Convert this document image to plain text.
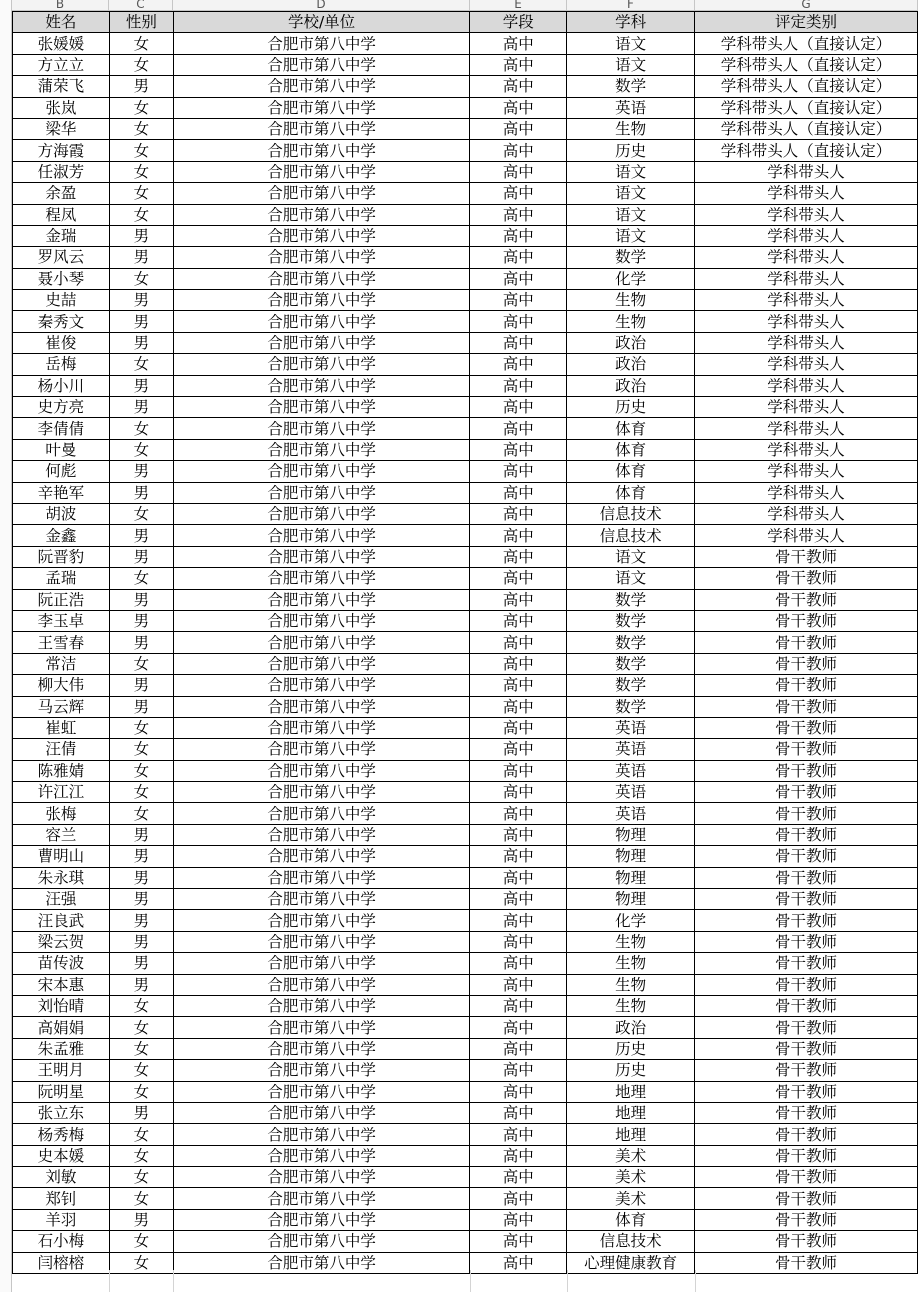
B	C	D	E	F	G
姓名	性别	学校/单位	学段	学科	评定类别
张媛媛	女	合肥市第八中学	高中	语文	学科带头人（直接认定）
方立立	女	合肥市第八中学	高中	语文	学科带头人（直接认定）
蒲荣飞	男	合肥市第八中学	高中	数学	学科带头人（直接认定）
张岚	女	合肥市第八中学	高中	英语	学科带头人（直接认定）
梁华	女	合肥市第八中学	高中	生物	学科带头人（直接认定）
方海霞	女	合肥市第八中学	高中	历史	学科带头人（直接认定）
任淑芳	女	合肥市第八中学	高中	语文	学科带头人
余盈	女	合肥市第八中学	高中	语文	学科带头人
程凤	女	合肥市第八中学	高中	语文	学科带头人
金瑞	男	合肥市第八中学	高中	语文	学科带头人
罗风云	男	合肥市第八中学	高中	数学	学科带头人
聂小琴	女	合肥市第八中学	高中	化学	学科带头人
史喆	男	合肥市第八中学	高中	生物	学科带头人
秦秀文	男	合肥市第八中学	高中	生物	学科带头人
崔俊	男	合肥市第八中学	高中	政治	学科带头人
岳梅	女	合肥市第八中学	高中	政治	学科带头人
杨小川	男	合肥市第八中学	高中	政治	学科带头人
史方亮	男	合肥市第八中学	高中	历史	学科带头人
李倩倩	女	合肥市第八中学	高中	体育	学科带头人
叶曼	女	合肥市第八中学	高中	体育	学科带头人
何彪	男	合肥市第八中学	高中	体育	学科带头人
辛艳军	男	合肥市第八中学	高中	体育	学科带头人
胡波	女	合肥市第八中学	高中	信息技术	学科带头人
金鑫	男	合肥市第八中学	高中	信息技术	学科带头人
阮晋豹	男	合肥市第八中学	高中	语文	骨干教师
孟瑞	女	合肥市第八中学	高中	语文	骨干教师
阮正浩	男	合肥市第八中学	高中	数学	骨干教师
李玉卓	男	合肥市第八中学	高中	数学	骨干教师
王雪春	男	合肥市第八中学	高中	数学	骨干教师
常洁	女	合肥市第八中学	高中	数学	骨干教师
柳大伟	男	合肥市第八中学	高中	数学	骨干教师
马云辉	男	合肥市第八中学	高中	数学	骨干教师
崔虹	女	合肥市第八中学	高中	英语	骨干教师
汪倩	女	合肥市第八中学	高中	英语	骨干教师
陈雅婧	女	合肥市第八中学	高中	英语	骨干教师
许江江	女	合肥市第八中学	高中	英语	骨干教师
张梅	女	合肥市第八中学	高中	英语	骨干教师
容兰	男	合肥市第八中学	高中	物理	骨干教师
曹明山	男	合肥市第八中学	高中	物理	骨干教师
朱永琪	男	合肥市第八中学	高中	物理	骨干教师
汪强	男	合肥市第八中学	高中	物理	骨干教师
汪良武	男	合肥市第八中学	高中	化学	骨干教师
梁云贺	男	合肥市第八中学	高中	生物	骨干教师
苗传波	男	合肥市第八中学	高中	生物	骨干教师
宋本惠	男	合肥市第八中学	高中	生物	骨干教师
刘怡晴	女	合肥市第八中学	高中	生物	骨干教师
高娟娟	女	合肥市第八中学	高中	政治	骨干教师
朱孟雅	女	合肥市第八中学	高中	历史	骨干教师
王明月	女	合肥市第八中学	高中	历史	骨干教师
阮明星	女	合肥市第八中学	高中	地理	骨干教师
张立东	男	合肥市第八中学	高中	地理	骨干教师
杨秀梅	女	合肥市第八中学	高中	地理	骨干教师
史本媛	女	合肥市第八中学	高中	美术	骨干教师
刘敏	女	合肥市第八中学	高中	美术	骨干教师
郑钊	女	合肥市第八中学	高中	美术	骨干教师
羊羽	男	合肥市第八中学	高中	体育	骨干教师
石小梅	女	合肥市第八中学	高中	信息技术	骨干教师
闫榕榕	女	合肥市第八中学	高中	心理健康教育	骨干教师
